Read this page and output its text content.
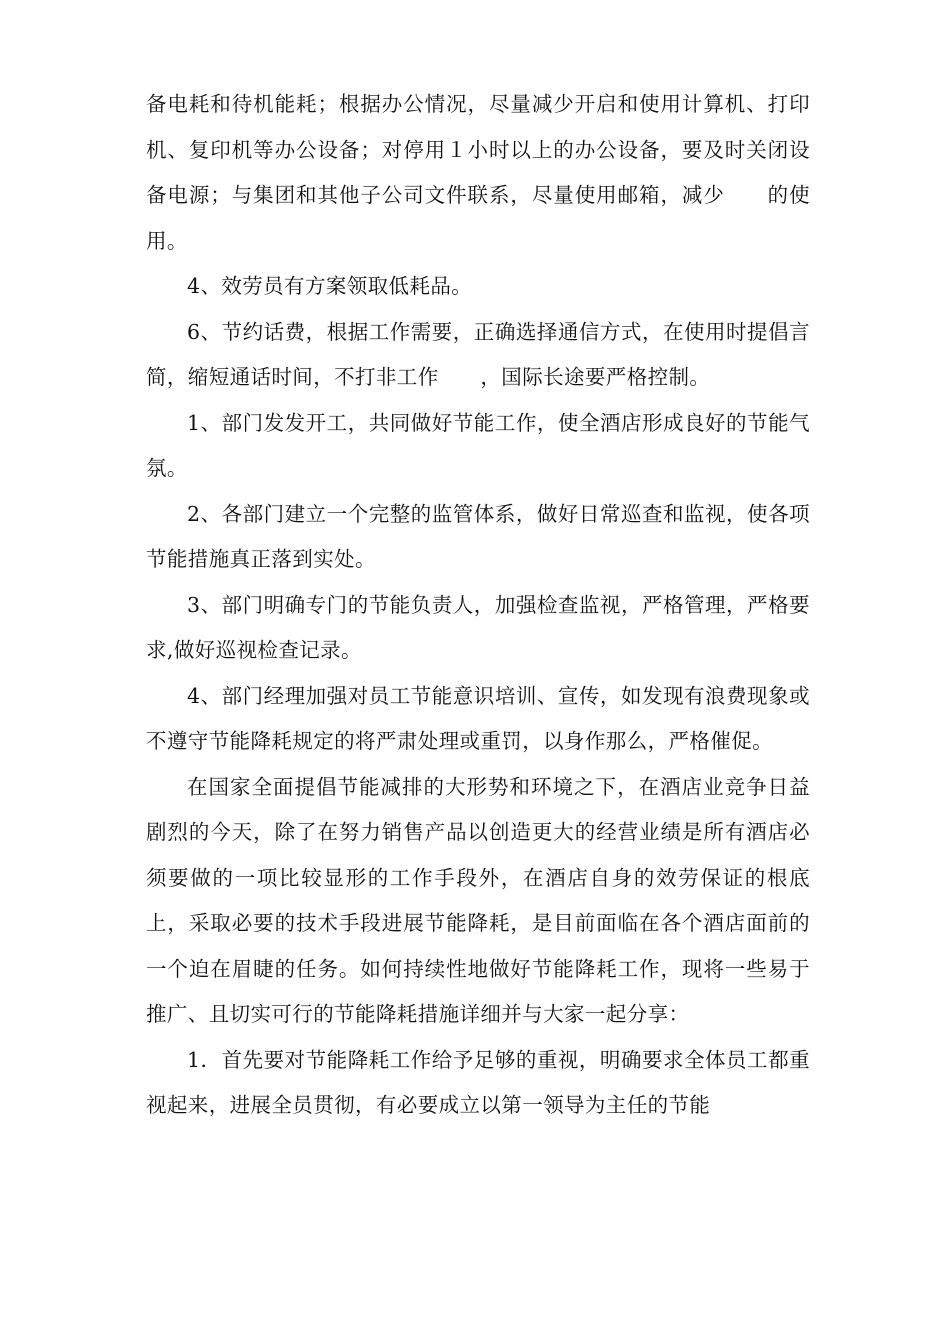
备电耗和待机能耗；根据办公情况，尽量减少开启和使用计算机、打印机、复印机等办公设备；对停用１小时以上的办公设备，要及时关闭设备电源；与集团和其他子公司文件联系，尽量使用邮箱，减少　　的使用。

4、效劳员有方案领取低耗品。

6、节约话费，根据工作需要，正确选择通信方式，在使用时提倡言简，缩短通话时间，不打非工作　　，国际长途要严格控制。

1、部门发发开工，共同做好节能工作，使全酒店形成良好的节能气氛。

2、各部门建立一个完整的监管体系，做好日常巡查和监视，使各项节能措施真正落到实处。

3、部门明确专门的节能负责人，加强检查监视，严格管理，严格要求,做好巡视检查记录。

4、部门经理加强对员工节能意识培训、宣传，如发现有浪费现象或不遵守节能降耗规定的将严肃处理或重罚，以身作那么，严格催促。

在国家全面提倡节能减排的大形势和环境之下，在酒店业竞争日益剧烈的今天，除了在努力销售产品以创造更大的经营业绩是所有酒店必须要做的一项比较显形的工作手段外，在酒店自身的效劳保证的根底上，采取必要的技术手段进展节能降耗，是目前面临在各个酒店面前的一个迫在眉睫的任务。如何持续性地做好节能降耗工作，现将一些易于推广、且切实可行的节能降耗措施详细并与大家一起分享：

1．首先要对节能降耗工作给予足够的重视，明确要求全体员工都重视起来，进展全员贯彻，有必要成立以第一领导为主任的节能
